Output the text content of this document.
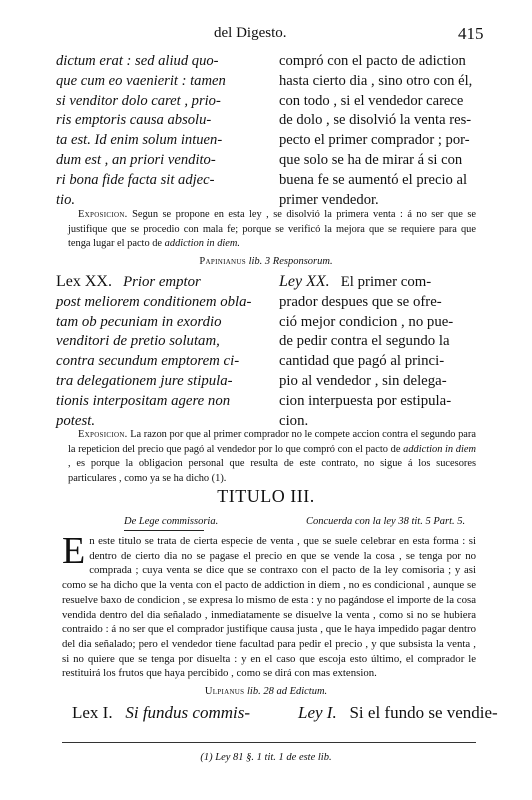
del Digesto.	415
dictum erat : sed aliud quo-
que cum eo vaenierit : tamen
si venditor dolo caret , prio-
ris emptoris causa absolu-
ta est. Id enim solum intuen-
dum est , an priori vendito-
ri bona fide facta sit adjec-
tio.
compró con el pacto de adiction
hasta cierto dia , sino otro con él,
con todo , si el vendedor carece
de dolo , se disolvió la venta res-
pecto el primer comprador ; por-
que solo se ha de mirar á si con
buena fe se aumentó el precio al
primer vendedor.
Exposicion. Segun se propone en esta ley , se disolvió la primera venta : á no ser que se justifique que se procedio con mala fe; porque se verificó la mejora que se requiere para que tenga lugar el pacto de addiction in diem.
Papinianus lib. 3 Responsorum.
Lex XX. Prior emptor
post meliorem conditionem obla-
tam ob pecuniam in exordio
venditori de pretio solutam,
contra secundum emptorem ci-
tra delegationem jure stipula-
tionis interpositam agere non
potest.
Ley XX. El primer com-
prador despues que se ofre-
ció mejor condicion , no pue-
de pedir contra el segundo la
cantidad que pagó al princi-
pio al vendedor , sin delega-
cion interpuesta por estipula-
cion.
Exposicion. La razon por que al primer comprador no le compete accion contra el segundo para la repeticion del precio que pagó al vendedor por lo que compró con el pacto de addiction in diem , es porque la obligacion personal que resulta de este contrato, no sigue á los sucesores particulares , como ya se ha dicho (1).
TITULO III.
De Lege commissoria.	Concuerda con la ley 38 tit. 5 Part. 5.
E n este titulo se trata de cierta especie de venta , que se suele celebrar en esta forma : si dentro de cierto dia no se pagase el precio en que se vende la cosa , se tenga por no comprada ; cuya venta se dice que se contraxo con el pacto de la ley comisoria ; y asi como se ha dicho que la venta con el pacto de addiction in diem , no es condicional , aunque se resuelve baxo de condicion , se expresa lo mismo de esta : y no pagándose el importe de la cosa vendida dentro del dia señalado , inmediatamente se disuelve la venta , como si no se hubiera contraido : á no ser que el comprador justifique causa justa , que le haya impedido pagar dentro del dia señalado; pero el vendedor tiene facultad para pedir el precio , y que subsista la venta , si no quiere que se tenga por disuelta : y en el caso que escoja esto último, el comprador le restituirá los frutos que haya percibido , como se dirá con mas extension.
Ulpianus lib. 28 ad Edictum.
Lex I. Si fundus commis-	Ley I. Si el fundo se vendie-
(1) Ley 81 §. 1 tit. 1 de este lib.
